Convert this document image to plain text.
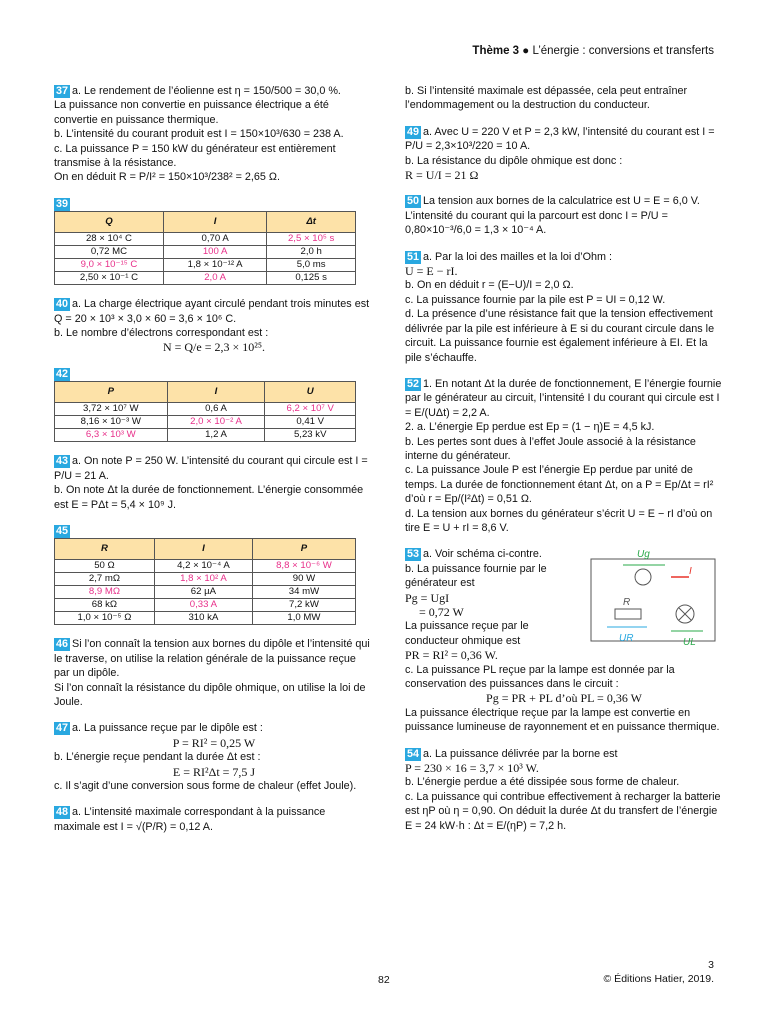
Thème 3 ● L’énergie : conversions et transferts
37 a. Le rendement de l’éolienne est η = 150/500 = 30,0 %.
La puissance non convertie en puissance électrique a été convertie en puissance thermique.
b. L’intensité du courant produit est I = 150×10³/630 = 238 A.
c. La puissance P = 150 kW du générateur est entièrement transmise à la résistance.
On en déduit R = P/I² = 150×10³/238² = 2,65 Ω.
39
Q	I	Δt
28 × 10⁴ C	0,70 A	2,5 × 10⁵ s
0,72 MC	100 A	2,0 h
9,0 × 10⁻¹⁵ C	1,8 × 10⁻¹² A	5,0 ms
2,50 × 10⁻¹ C	2,0 A	0,125 s
40 a. La charge électrique ayant circulé pendant trois minutes est Q = 20 × 10³ × 3,0 × 60 = 3,6 × 10⁶ C.
b. Le nombre d’électrons correspondant est :
N = Q/e = 2,3 × 10²⁵.
42
P	I	U
3,72 × 10⁷ W	0,6 A	6,2 × 10⁷ V
8,16 × 10⁻³ W	2,0 × 10⁻² A	0,41 V
6,3 × 10³ W	1,2 A	5,23 kV
43 a. On note P = 250 W. L’intensité du courant qui circule est I = P/U = 21 A.
b. On note Δt la durée de fonctionnement. L’énergie consommée est E = PΔt = 5,4 × 10⁹ J.
45
R	I	P
50 Ω	4,2 × 10⁻⁴ A	8,8 × 10⁻⁶ W
2,7 mΩ	1,8 × 10² A	90 W
8,9 MΩ	62 µA	34 mW
68 kΩ	0,33 A	7,2 kW
1,0 × 10⁻⁵ Ω	310 kA	1,0 MW
46 Si l’on connaît la tension aux bornes du dipôle et l’intensité qui le traverse, on utilise la relation générale de la puissance reçue par un dipôle.
Si l’on connaît la résistance du dipôle ohmique, on utilise la loi de Joule.
47 a. La puissance reçue par le dipôle est :
P = RI² = 0,25 W
b. L’énergie reçue pendant la durée Δt est :
E = RI²Δt = 7,5 J
c. Il s’agit d’une conversion sous forme de chaleur (effet Joule).
48 a. L’intensité maximale correspondant à la puissance maximale est I = √(P/R) = 0,12 A.
b. Si l’intensité maximale est dépassée, cela peut entraîner l’endommagement ou la destruction du conducteur.
49 a. Avec U = 220 V et P = 2,3 kW, l’intensité du courant est I = P/U = 2,3×10³/220 = 10 A.
b. La résistance du dipôle ohmique est donc :
R = U/I = 21 Ω
50 La tension aux bornes de la calculatrice est U = E = 6,0 V. L’intensité du courant qui la parcourt est donc I = P/U = 0,80×10⁻³/6,0 = 1,3 × 10⁻⁴ A.
51 a. Par la loi des mailles et la loi d’Ohm :
U = E − rI.
b. On en déduit r = (E−U)/I = 2,0 Ω.
c. La puissance fournie par la pile est P = UI = 0,12 W.
d. La présence d’une résistance fait que la tension effectivement délivrée par la pile est inférieure à E si du courant circule dans le circuit. La puissance fournie est également inférieure à EI. Et la pile s’échauffe.
52 1. En notant Δt la durée de fonctionnement, E l’énergie fournie par le générateur au circuit, l’intensité I du courant qui circule est I = E/(UΔt) = 2,2 A.
2. a. L’énergie Ep perdue est Ep = (1 − η)E = 4,5 kJ.
b. Les pertes sont dues à l’effet Joule associé à la résistance interne du générateur.
c. La puissance Joule P est l’énergie Ep perdue par unité de temps. La durée de fonctionnement étant Δt, on a P = Ep/Δt = rI² d’où r = Ep/(I²Δt) = 0,51 Ω.
d. La tension aux bornes du générateur s’écrit U = E − rI d’où on tire E = U + rI = 8,6 V.
Ug
I
R
UR	UL
53 a. Voir schéma ci-contre.
b. La puissance fournie par le générateur est
Pg = UgI
= 0,72 W
La puissance reçue par le conducteur ohmique est
PR = RI² = 0,36 W.
c. La puissance PL reçue par la lampe est donnée par la conservation des puissances dans le circuit :
Pg = PR + PL d’où PL = 0,36 W
La puissance électrique reçue par la lampe est convertie en puissance lumineuse de rayonnement et en puissance thermique.
54 a. La puissance délivrée par la borne est
P = 230 × 16 = 3,7 × 10³ W.
b. L’énergie perdue a été dissipée sous forme de chaleur.
c. La puissance qui contribue effectivement à recharger la batterie est ηP où η = 0,90. On déduit la durée Δt du transfert de l’énergie E = 24 kW·h : Δt = E/(ηP) = 7,2 h.
82
3
© Éditions Hatier, 2019.
